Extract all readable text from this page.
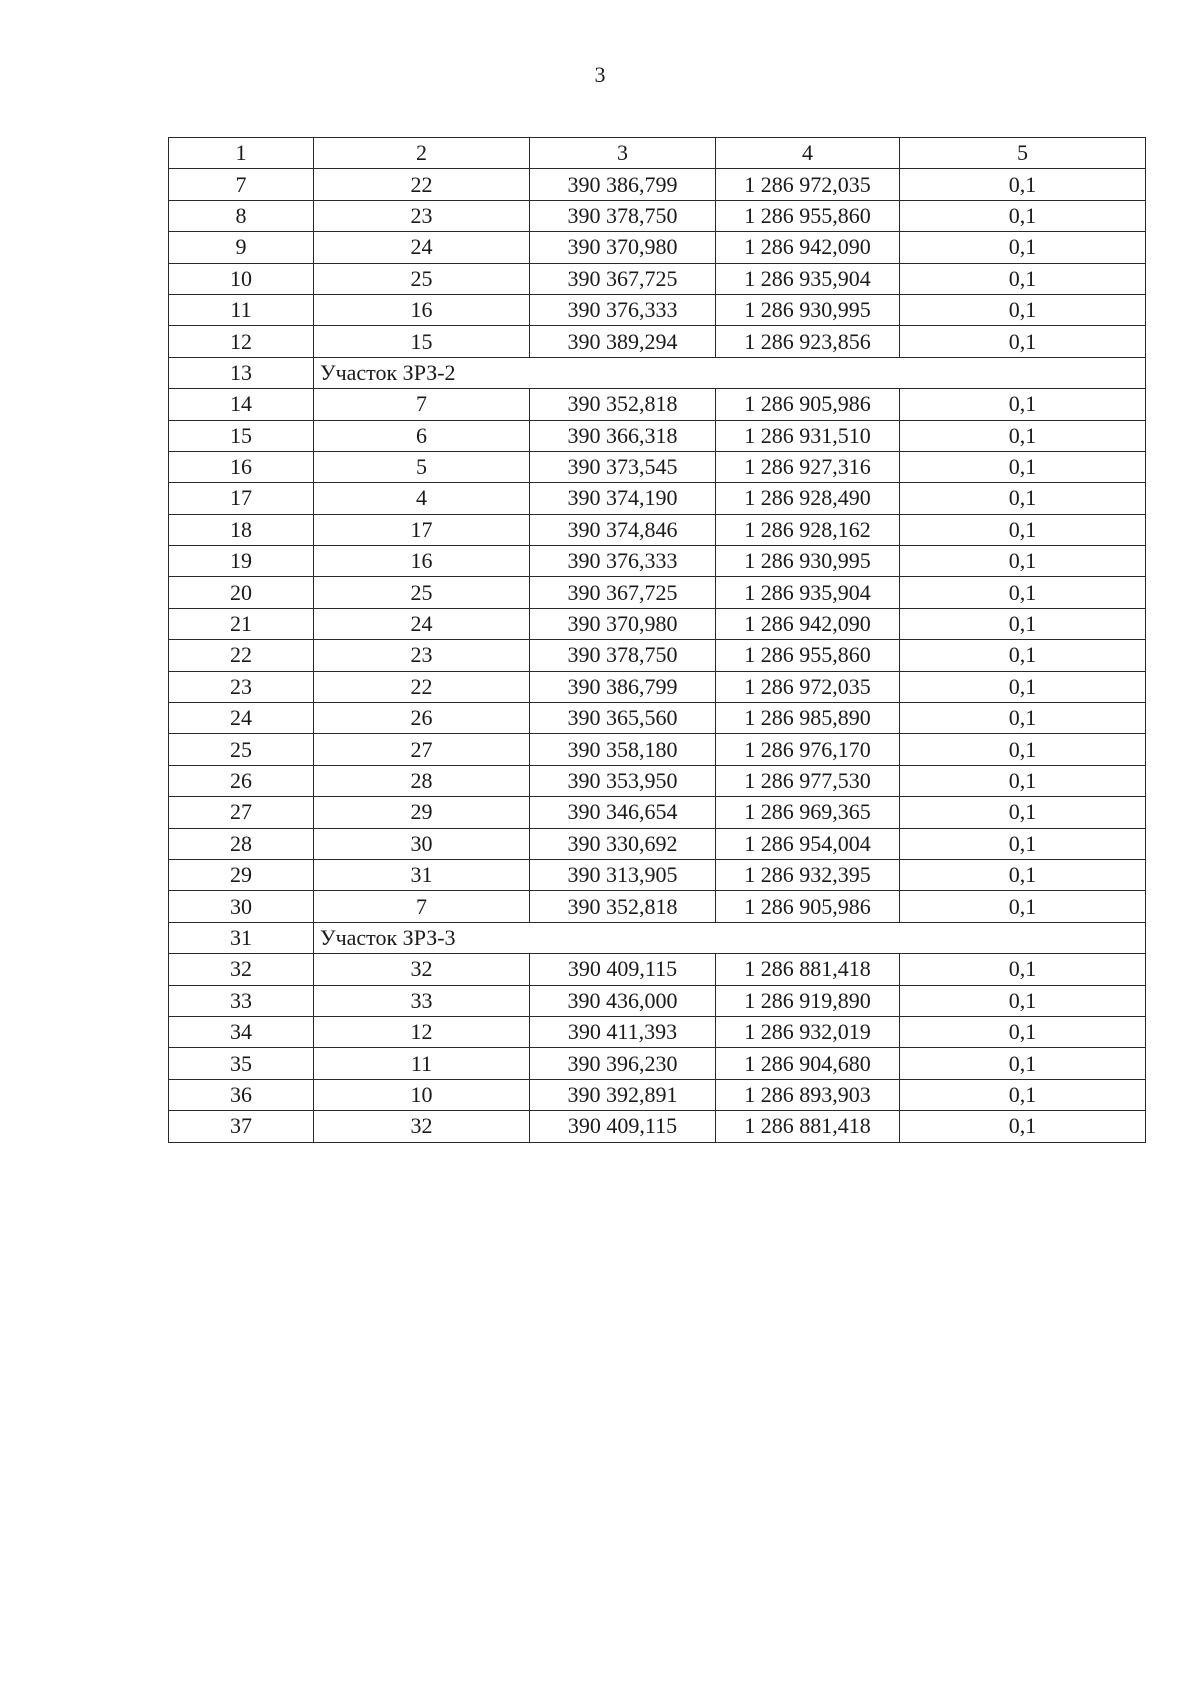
3
1	2	3	4	5
7	22	390 386,799	1 286 972,035	0,1
8	23	390 378,750	1 286 955,860	0,1
9	24	390 370,980	1 286 942,090	0,1
10	25	390 367,725	1 286 935,904	0,1
11	16	390 376,333	1 286 930,995	0,1
12	15	390 389,294	1 286 923,856	0,1
13	Участок ЗРЗ-2			
14	7	390 352,818	1 286 905,986	0,1
15	6	390 366,318	1 286 931,510	0,1
16	5	390 373,545	1 286 927,316	0,1
17	4	390 374,190	1 286 928,490	0,1
18	17	390 374,846	1 286 928,162	0,1
19	16	390 376,333	1 286 930,995	0,1
20	25	390 367,725	1 286 935,904	0,1
21	24	390 370,980	1 286 942,090	0,1
22	23	390 378,750	1 286 955,860	0,1
23	22	390 386,799	1 286 972,035	0,1
24	26	390 365,560	1 286 985,890	0,1
25	27	390 358,180	1 286 976,170	0,1
26	28	390 353,950	1 286 977,530	0,1
27	29	390 346,654	1 286 969,365	0,1
28	30	390 330,692	1 286 954,004	0,1
29	31	390 313,905	1 286 932,395	0,1
30	7	390 352,818	1 286 905,986	0,1
31	Участок ЗРЗ-3			
32	32	390 409,115	1 286 881,418	0,1
33	33	390 436,000	1 286 919,890	0,1
34	12	390 411,393	1 286 932,019	0,1
35	11	390 396,230	1 286 904,680	0,1
36	10	390 392,891	1 286 893,903	0,1
37	32	390 409,115	1 286 881,418	0,1
